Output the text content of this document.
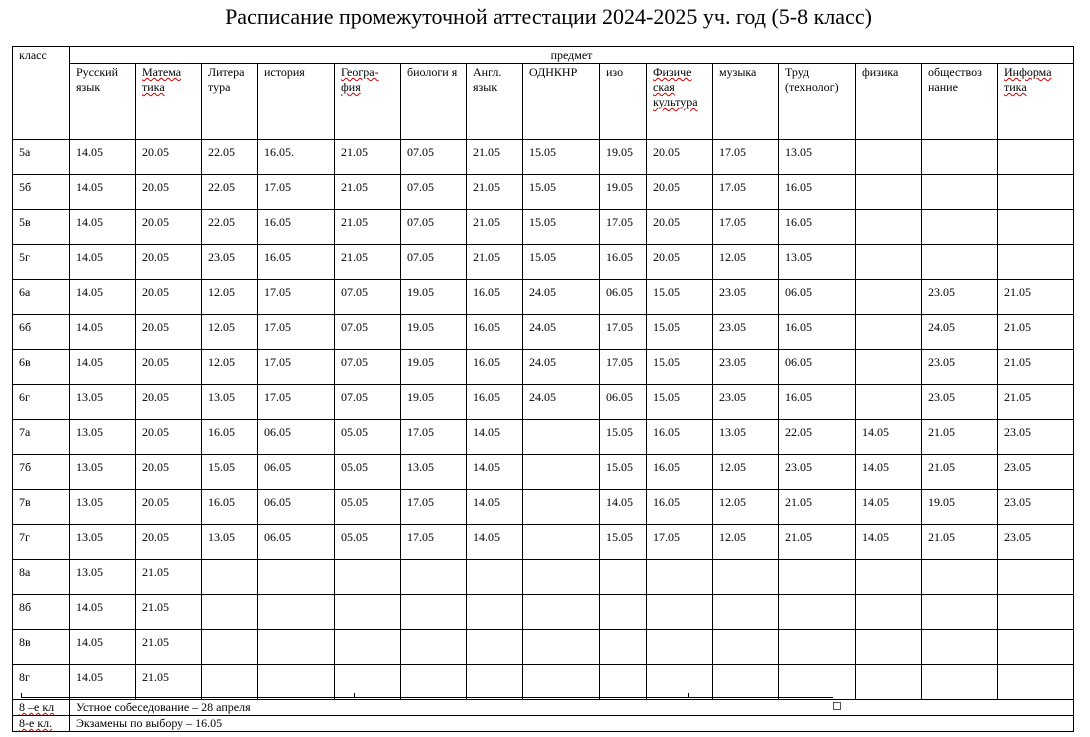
Расписание промежуточной аттестации 2024-2025 уч. год (5-8 класс)
класс	предмет														
	Русский язык	Матема тика	Литера тура	история	Геогра- фия	биологи я	Англ. язык	ОДНКНР	изо	Физиче ская культура	музыка	Труд (технолог)	физика	обществоз нание	Информа тика
5а	14.05	20.05	22.05	16.05.	21.05	07.05	21.05	15.05	19.05	20.05	17.05	13.05			
5б	14.05	20.05	22.05	17.05	21.05	07.05	21.05	15.05	19.05	20.05	17.05	16.05			
5в	14.05	20.05	22.05	16.05	21.05	07.05	21.05	15.05	17.05	20.05	17.05	16.05			
5г	14.05	20.05	23.05	16.05	21.05	07.05	21.05	15.05	16.05	20.05	12.05	13.05			
6а	14.05	20.05	12.05	17.05	07.05	19.05	16.05	24.05	06.05	15.05	23.05	06.05		23.05	21.05
6б	14.05	20.05	12.05	17.05	07.05	19.05	16.05	24.05	17.05	15.05	23.05	16.05		24.05	21.05
6в	14.05	20.05	12.05	17.05	07.05	19.05	16.05	24.05	17.05	15.05	23.05	06.05		23.05	21.05
6г	13.05	20.05	13.05	17.05	07.05	19.05	16.05	24.05	06.05	15.05	23.05	16.05		23.05	21.05
7а	13.05	20.05	16.05	06.05	05.05	17.05	14.05		15.05	16.05	13.05	22.05	14.05	21.05	23.05
7б	13.05	20.05	15.05	06.05	05.05	13.05	14.05		15.05	16.05	12.05	23.05	14.05	21.05	23.05
7в	13.05	20.05	16.05	06.05	05.05	17.05	14.05		14.05	16.05	12.05	21.05	14.05	19.05	23.05
7г	13.05	20.05	13.05	06.05	05.05	17.05	14.05		15.05	17.05	12.05	21.05	14.05	21.05	23.05
8а	13.05	21.05													
8б	14.05	21.05													
8в	14.05	21.05													
8г	14.05	21.05													
8 –е кл	Устное собеседование – 28 апреля														
8-е кл.	Экзамены по выбору – 16.05														
